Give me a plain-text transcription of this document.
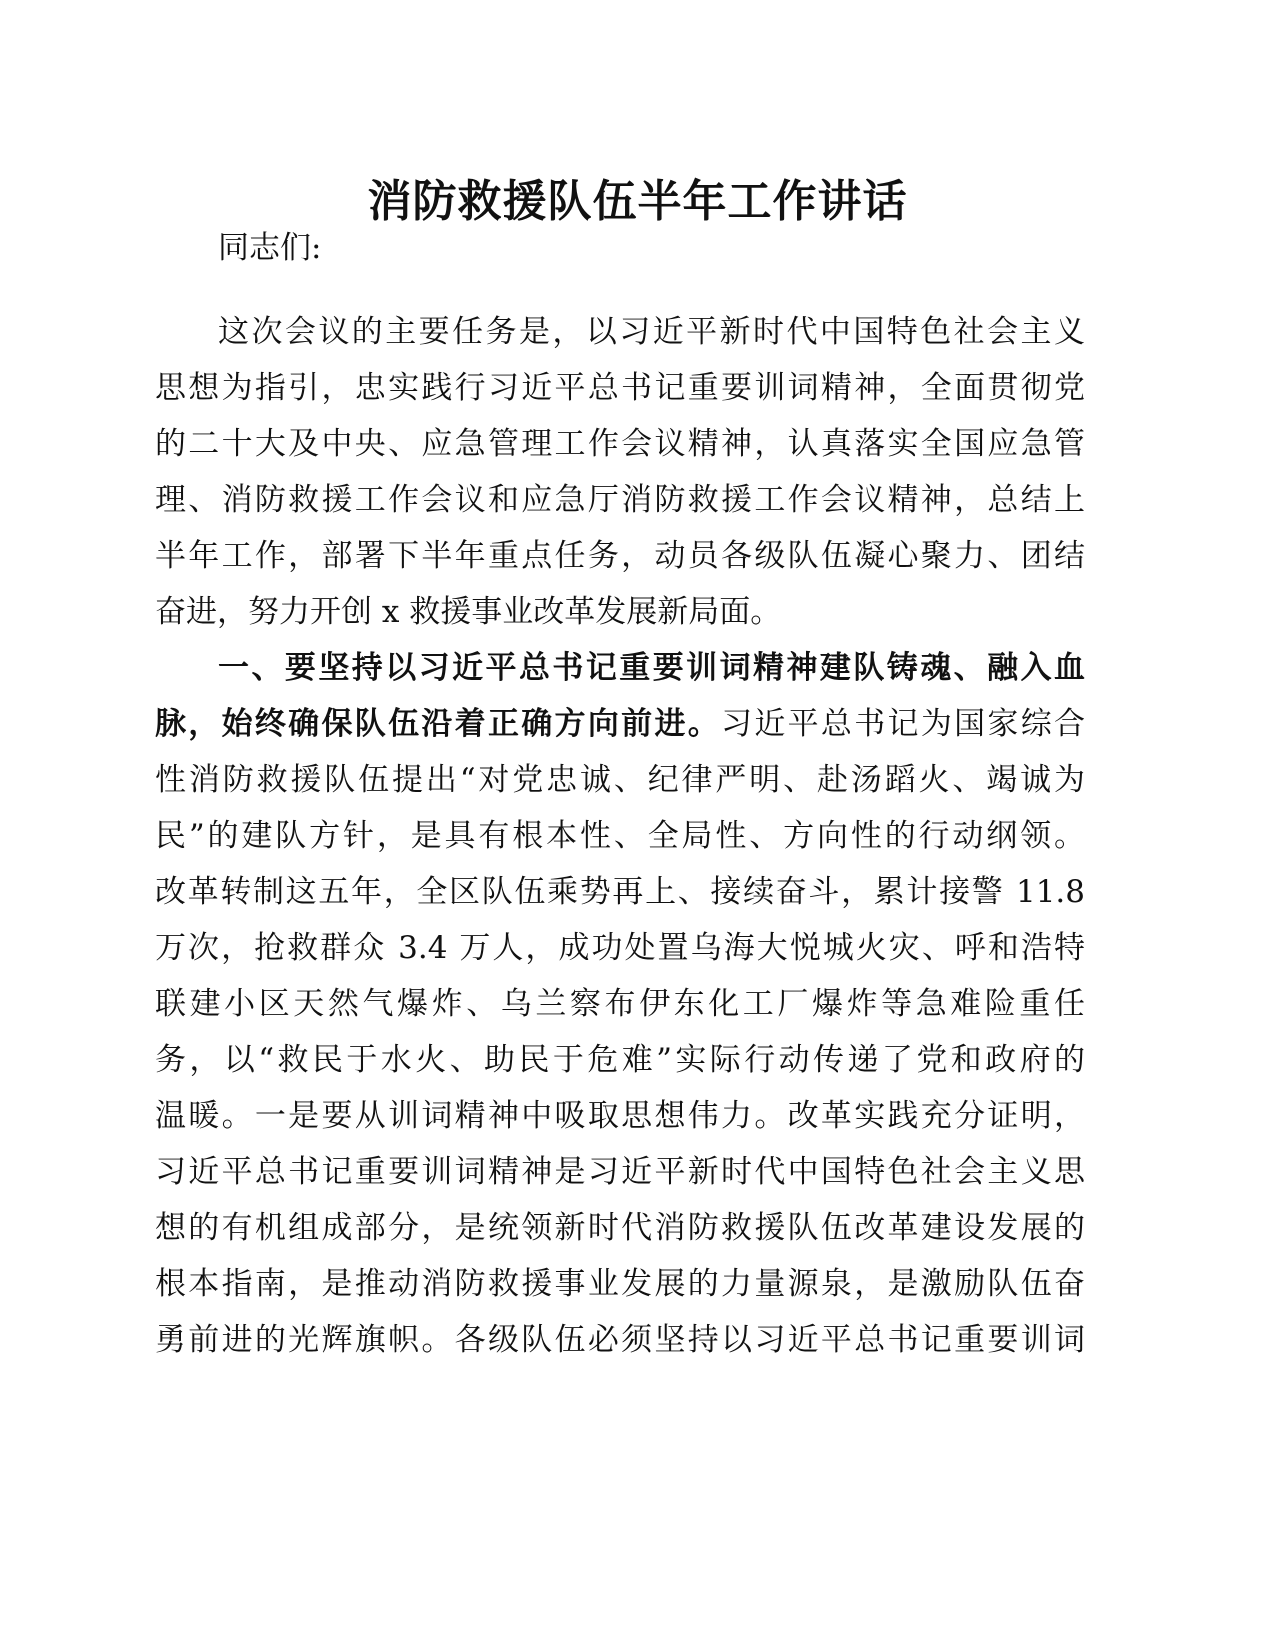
消防救援队伍半年工作讲话

同志们:

这次会议的主要任务是，以习近平新时代中国特色社会主义

思想为指引，忠实践行习近平总书记重要训词精神，全面贯彻党

的二十大及中央、应急管理工作会议精神，认真落实全国应急管

理、消防救援工作会议和应急厅消防救援工作会议精神，总结上

半年工作，部署下半年重点任务，动员各级队伍凝心聚力、团结

奋进，努力开创 x 救援事业改革发展新局面。

一、要坚持以习近平总书记重要训词精神建队铸魂、融入血

脉，始终确保队伍沿着正确方向前进。习近平总书记为国家综合

性消防救援队伍提出“对党忠诚、纪律严明、赴汤蹈火、竭诚为

民”的建队方针，是具有根本性、全局性、方向性的行动纲领。

改革转制这五年，全区队伍乘势再上、接续奋斗，累计接警 11.8

万次，抢救群众 3.4 万人，成功处置乌海大悦城火灾、呼和浩特

联建小区天然气爆炸、乌兰察布伊东化工厂爆炸等急难险重任

务，以“救民于水火、助民于危难”实际行动传递了党和政府的

温暖。一是要从训词精神中吸取思想伟力。改革实践充分证明，

习近平总书记重要训词精神是习近平新时代中国特色社会主义思

想的有机组成部分，是统领新时代消防救援队伍改革建设发展的

根本指南，是推动消防救援事业发展的力量源泉，是激励队伍奋

勇前进的光辉旗帜。各级队伍必须坚持以习近平总书记重要训词
